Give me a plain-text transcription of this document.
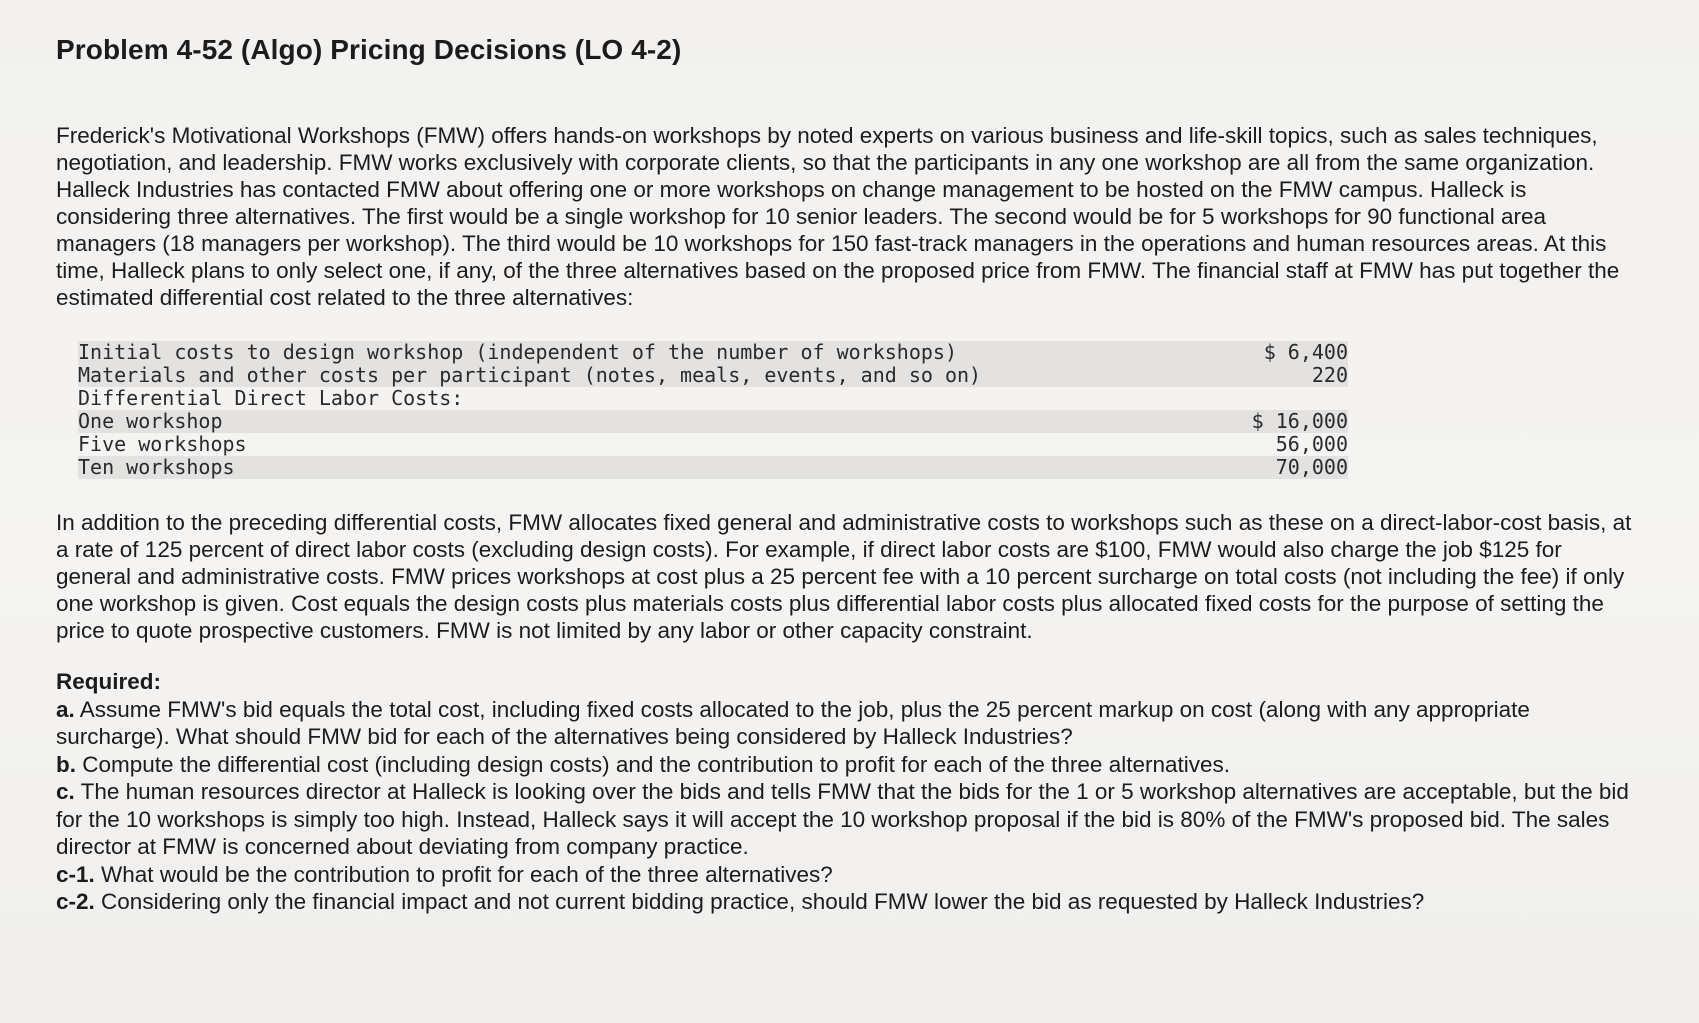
Problem 4-52 (Algo) Pricing Decisions (LO 4-2)

Frederick's Motivational Workshops (FMW) offers hands-on workshops by noted experts on various business and life-skill topics, such as sales techniques, negotiation, and leadership. FMW works exclusively with corporate clients, so that the participants in any one workshop are all from the same organization. Halleck Industries has contacted FMW about offering one or more workshops on change management to be hosted on the FMW campus. Halleck is considering three alternatives. The first would be a single workshop for 10 senior leaders. The second would be for 5 workshops for 90 functional area managers (18 managers per workshop). The third would be 10 workshops for 150 fast-track managers in the operations and human resources areas. At this time, Halleck plans to only select one, if any, of the three alternatives based on the proposed price from FMW. The financial staff at FMW has put together the estimated differential cost related to the three alternatives:

Initial costs to design workshop (independent of the number of workshops)	$ 6,400
Materials and other costs per participant (notes, meals, events, and so on)	220
Differential Direct Labor Costs:
One workshop	$ 16,000
Five workshops	56,000
Ten workshops	70,000

In addition to the preceding differential costs, FMW allocates fixed general and administrative costs to workshops such as these on a direct-labor-cost basis, at a rate of 125 percent of direct labor costs (excluding design costs). For example, if direct labor costs are $100, FMW would also charge the job $125 for general and administrative costs. FMW prices workshops at cost plus a 25 percent fee with a 10 percent surcharge on total costs (not including the fee) if only one workshop is given. Cost equals the design costs plus materials costs plus differential labor costs plus allocated fixed costs for the purpose of setting the price to quote prospective customers. FMW is not limited by any labor or other capacity constraint.

Required:
a. Assume FMW's bid equals the total cost, including fixed costs allocated to the job, plus the 25 percent markup on cost (along with any appropriate surcharge). What should FMW bid for each of the alternatives being considered by Halleck Industries?
b. Compute the differential cost (including design costs) and the contribution to profit for each of the three alternatives.
c. The human resources director at Halleck is looking over the bids and tells FMW that the bids for the 1 or 5 workshop alternatives are acceptable, but the bid for the 10 workshops is simply too high. Instead, Halleck says it will accept the 10 workshop proposal if the bid is 80% of the FMW's proposed bid. The sales director at FMW is concerned about deviating from company practice.
c-1. What would be the contribution to profit for each of the three alternatives?
c-2. Considering only the financial impact and not current bidding practice, should FMW lower the bid as requested by Halleck Industries?
